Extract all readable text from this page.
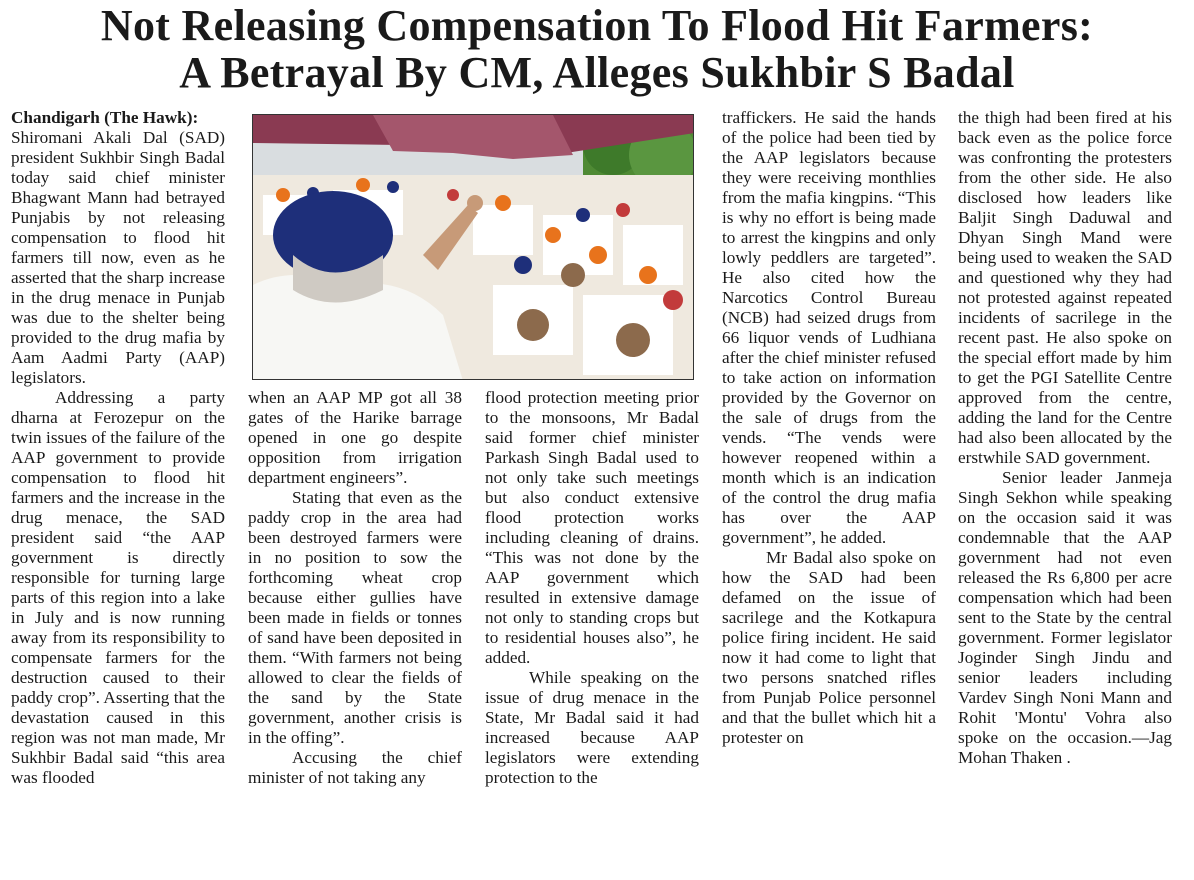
Not Releasing Compensation To Flood Hit Farmers:
A Betrayal By CM, Alleges Sukhbir S Badal

Chandigarh (The Hawk):

Shiromani Akali Dal (SAD) president Sukhbir Singh Badal today said chief minister Bhagwant Mann had betrayed Punjabis by not releasing compensation to flood hit farmers till now, even as he asserted that the sharp increase in the drug menace in Punjab was due to the shelter being provided to the drug mafia by Aam Aadmi Party (AAP) legislators.

Addressing a party dharna at Ferozepur on the twin issues of the failure of the AAP government to provide compensation to flood hit farmers and the increase in the drug menace, the SAD president said “the AAP government is directly responsible for turning large parts of this region into a lake in July and is now running away from its responsibility to compensate farmers for the destruction caused to their paddy crop”. Asserting that the devastation caused in this region was not man made, Mr Sukhbir Badal said “this area was flooded

when an AAP MP got all 38 gates of the Harike barrage opened in one go despite opposition from irrigation department engineers”.

Stating that even as the paddy crop in the area had been destroyed farmers were in no position to sow the forthcoming wheat crop because either gullies have been made in fields or tonnes of sand have been deposited in them. “With farmers not being allowed to clear the fields of the sand by the State government, another crisis is in the offing”.

Accusing the chief minister of not taking any

flood protection meeting prior to the monsoons, Mr Badal said former chief minister Parkash Singh Badal used to not only take such meetings but also conduct extensive flood protection works including cleaning of drains. “This was not done by the AAP government which resulted in extensive damage not only to standing crops but to residential houses also”, he added.

While speaking on the issue of drug menace in the State, Mr Badal said it had increased because AAP legislators were extending protection to the

traffickers. He said the hands of the police had been tied by the AAP legislators because they were receiving monthlies from the mafia kingpins. “This is why no effort is being made to arrest the kingpins and only lowly peddlers are targeted”. He also cited how the Narcotics Control Bureau (NCB) had seized drugs from 66 liquor vends of Ludhiana after the chief minister refused to take action on information provided by the Governor on the sale of drugs from the vends. “The vends were however reopened within a month which is an indication of the control the drug mafia has over the AAP government”, he added.

Mr Badal also spoke on how the SAD had been defamed on the issue of sacrilege and the Kotkapura police firing incident. He said now it had come to light that two persons snatched rifles from Punjab Police personnel and that the bullet which hit a protester on

the thigh had been fired at his back even as the police force was confronting the protesters from the other side. He also disclosed how leaders like Baljit Singh Daduwal and Dhyan Singh Mand were being used to weaken the SAD and questioned why they had not protested against repeated incidents of sacrilege in the recent past. He also spoke on the special effort made by him to get the PGI Satellite Centre approved from the centre, adding the land for the Centre had also been allocated by the erstwhile SAD government.

Senior leader Janmeja Singh Sekhon while speaking on the occasion said it was condemnable that the AAP government had not even released the Rs 6,800 per acre compensation which had been sent to the State by the central government. Former legislator Joginder Singh Jindu and senior leaders including Vardev Singh Noni Mann and Rohit 'Montu' Vohra also spoke on the occasion.—Jag Mohan Thaken .
